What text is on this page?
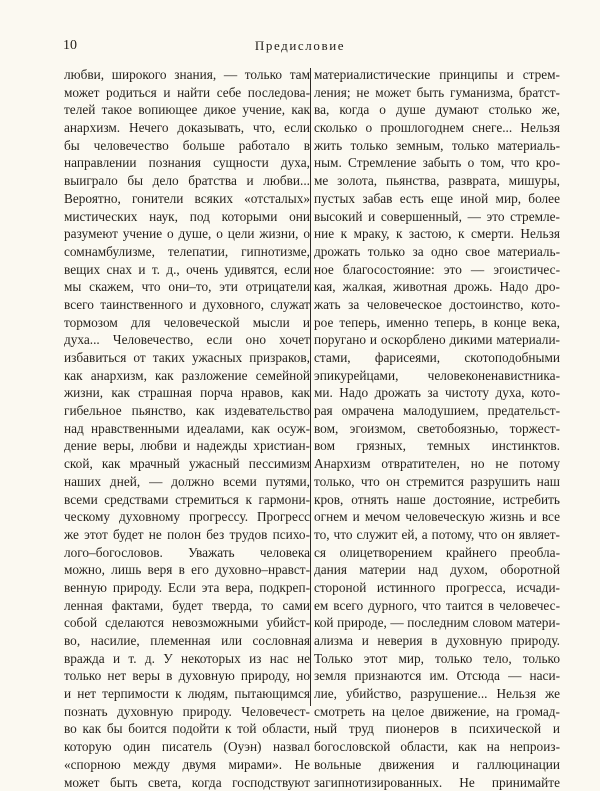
10	Предисловие
любви, широкого знания, — только там
может родиться и найти себе последова-
телей такое вопиющее дикое учение, как
анархизм. Нечего доказывать, что, если
бы человечество больше работало в
направлении познания сущности духа,
выиграло бы дело братства и любви...
Вероятно, гонители всяких «отсталых»
мистических наук, под которыми они
разумеют учение о душе, о цели жизни, о
сомнамбулизме, телепатии, гипнотизме,
вещих снах и т. д., очень удивятся, если
мы скажем, что они–то, эти отрицатели
всего таинственного и духовного, служат
тормозом для человеческой мысли и
духа... Человечество, если оно хочет
избавиться от таких ужасных призраков,
как анархизм, как разложение семейной
жизни, как страшная порча нравов, как
гибельное пьянство, как издевательство
над нравственными идеалами, как осуж-
дение веры, любви и надежды христиан-
ской, как мрачный ужасный пессимизм
наших дней, — должно всеми путями,
всеми средствами стремиться к гармони-
ческому духовному прогрессу. Прогресс
же этот будет не полон без трудов психо-
лого–богословов. Уважать человека
можно, лишь веря в его духовно–нравст-
венную природу. Если эта вера, подкреп-
ленная фактами, будет тверда, то сами
собой сделаются невозможными убийст-
во, насилие, племенная или сословная
вражда и т. д. У некоторых из нас не
только нет веры в духовную природу, но
и нет терпимости к людям, пытающимся
познать духовную природу. Человечест-
во как бы боится подойти к той области,
которую один писатель (Оуэн) назвал
«спорною между двумя мирами». Не
может быть света, когда господствуют
материалистические принципы и стрем-
ления; не может быть гуманизма, братст-
ва, когда о душе думают столько же,
сколько о прошлогоднем снеге... Нельзя
жить только земным, только материаль-
ным. Стремление забыть о том, что кро-
ме золота, пьянства, разврата, мишуры,
пустых забав есть еще иной мир, более
высокий и совершенный, — это стремле-
ние к мраку, к застою, к смерти. Нельзя
дрожать только за одно свое материаль-
ное благосостояние: это — эгоистичес-
кая, жалкая, животная дрожь. Надо дро-
жать за человеческое достоинство, кото-
рое теперь, именно теперь, в конце века,
поругано и оскорблено дикими материали-
стами, фарисеями, скотоподобными
эпикурейцами, человеконенавистника-
ми. Надо дрожать за чистоту духа, кото-
рая омрачена малодушием, предательст-
вом, эгоизмом, светобоязнью, торжест-
вом грязных, темных инстинктов.
Анархизм отвратителен, но не потому
только, что он стремится разрушить наш
кров, отнять наше достояние, истребить
огнем и мечом человеческую жизнь и все
то, что служит ей, а потому, что он являет-
ся олицетворением крайнего преобла-
дания материи над духом, оборотной
стороной истинного прогресса, исчади-
ем всего дурного, что таится в человечес-
кой природе, — последним словом матери-
ализма и неверия в духовную природу.
Только этот мир, только тело, только
земля признаются им. Отсюда — наси-
лие, убийство, разрушение... Нельзя же
смотреть на целое движение, на громад-
ный труд пионеров в психической и
богословской области, как на непроиз-
вольные движения и галлюцинации
загипнотизированных. Не принимайте
